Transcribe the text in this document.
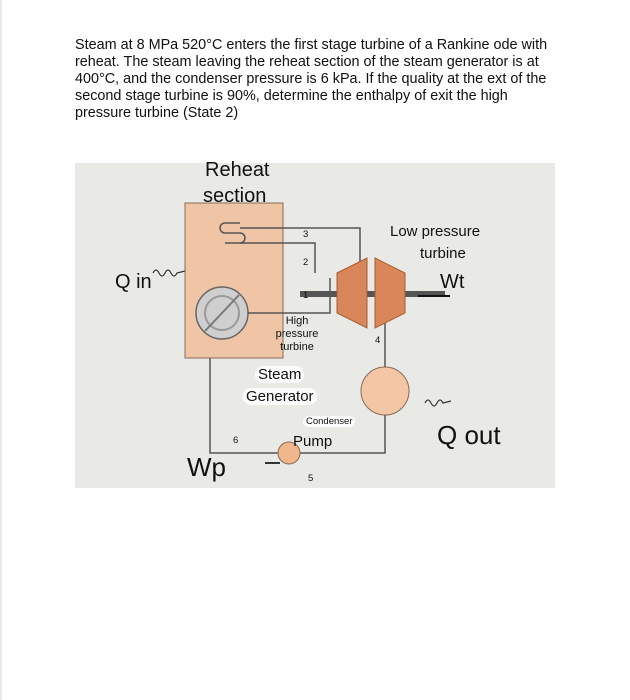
Steam at 8 MPa 520°C enters the first stage turbine of a Rankine ode with reheat. The steam leaving the reheat section of the steam generator is at 400°C, and the condenser pressure is 6 kPa. If the quality at the ext of the second stage turbine is 90%, determine the enthalpy of exit the high pressure turbine (State 2)

Reheat
section
Low pressure
turbine
Wt
Q in
High pressure turbine
Steam
Generator
Condenser
Pump	Q out
Wp
3
2
1
4
5
6
